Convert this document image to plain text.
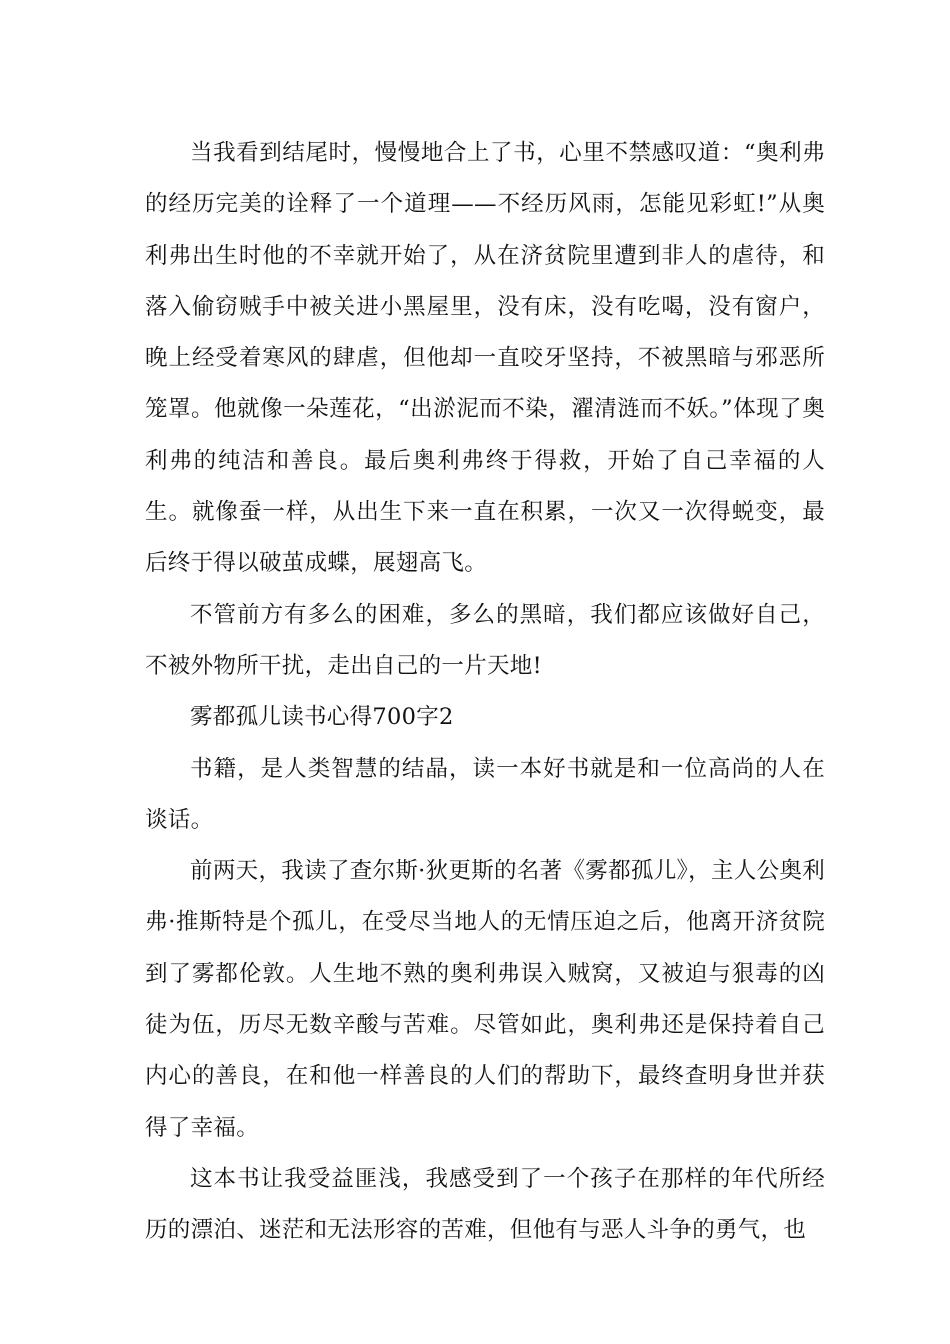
当我看到结尾时，慢慢地合上了书，心里不禁感叹道：“奥利弗的经历完美的诠释了一个道理——不经历风雨，怎能见彩虹!”从奥利弗出生时他的不幸就开始了，从在济贫院里遭到非人的虐待，和落入偷窃贼手中被关进小黑屋里，没有床，没有吃喝，没有窗户，晚上经受着寒风的肆虐，但他却一直咬牙坚持，不被黑暗与邪恶所笼罩。他就像一朵莲花，“出淤泥而不染，濯清涟而不妖。”体现了奥利弗的纯洁和善良。最后奥利弗终于得救，开始了自己幸福的人生。就像蚕一样，从出生下来一直在积累，一次又一次得蜕变，最后终于得以破茧成蝶，展翅高飞。

不管前方有多么的困难，多么的黑暗，我们都应该做好自己，不被外物所干扰，走出自己的一片天地!

雾都孤儿读书心得700字2

书籍，是人类智慧的结晶，读一本好书就是和一位高尚的人在谈话。

前两天，我读了查尔斯·狄更斯的名著《雾都孤儿》，主人公奥利弗·推斯特是个孤儿，在受尽当地人的无情压迫之后，他离开济贫院到了雾都伦敦。人生地不熟的奥利弗误入贼窝，又被迫与狠毒的凶徒为伍，历尽无数辛酸与苦难。尽管如此，奥利弗还是保持着自己内心的善良，在和他一样善良的人们的帮助下，最终查明身世并获得了幸福。

这本书让我受益匪浅，我感受到了一个孩子在那样的年代所经历的漂泊、迷茫和无法形容的苦难，但他有与恶人斗争的勇气，也
